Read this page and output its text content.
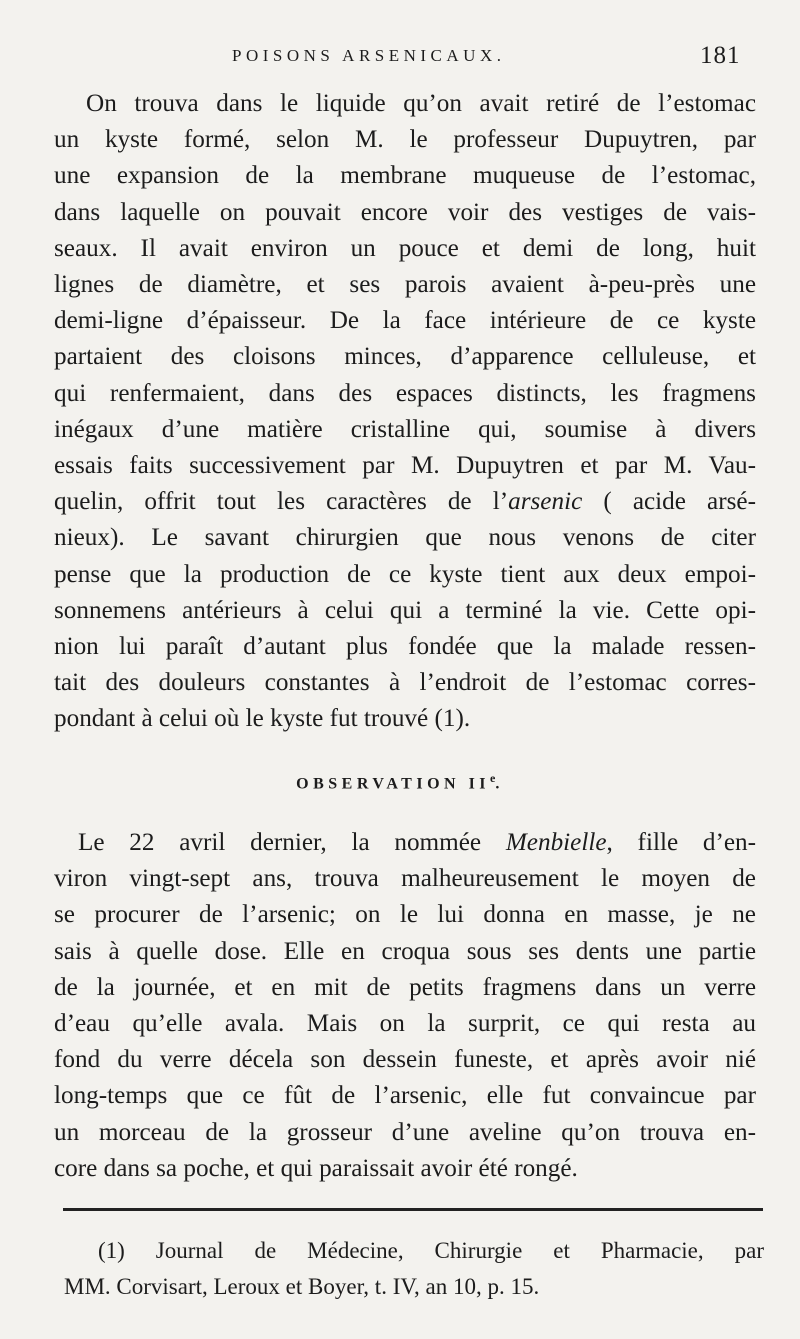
POISONS ARSENICAUX.	181
On trouva dans le liquide qu’on avait retiré de l’estomac
un kyste formé, selon M. le professeur Dupuytren, par
une expansion de la membrane muqueuse de l’estomac,
dans laquelle on pouvait encore voir des vestiges de vais-
seaux. Il avait environ un pouce et demi de long, huit
lignes de diamètre, et ses parois avaient à-peu-près une
demi-ligne d’épaisseur. De la face intérieure de ce kyste
partaient des cloisons minces, d’apparence celluleuse, et
qui renfermaient, dans des espaces distincts, les fragmens
inégaux d’une matière cristalline qui, soumise à divers
essais faits successivement par M. Dupuytren et par M. Vau-
quelin, offrit tout les caractères de l’arsenic ( acide arsé-
nieux). Le savant chirurgien que nous venons de citer
pense que la production de ce kyste tient aux deux empoi-
sonnemens antérieurs à celui qui a terminé la vie. Cette opi-
nion lui paraît d’autant plus fondée que la malade ressen-
tait des douleurs constantes à l’endroit de l’estomac corres-
pondant à celui où le kyste fut trouvé (1).
OBSERVATION IIe.
Le 22 avril dernier, la nommée Menbielle, fille d’en-
viron vingt-sept ans, trouva malheureusement le moyen de
se procurer de l’arsenic; on le lui donna en masse, je ne
sais à quelle dose. Elle en croqua sous ses dents une partie
de la journée, et en mit de petits fragmens dans un verre
d’eau qu’elle avala. Mais on la surprit, ce qui resta au
fond du verre décela son dessein funeste, et après avoir nié
long-temps que ce fût de l’arsenic, elle fut convaincue par
un morceau de la grosseur d’une aveline qu’on trouva en-
core dans sa poche, et qui paraissait avoir été rongé.
(1) Journal de Médecine, Chirurgie et Pharmacie, par
MM. Corvisart, Leroux et Boyer, t. IV, an 10, p. 15.
